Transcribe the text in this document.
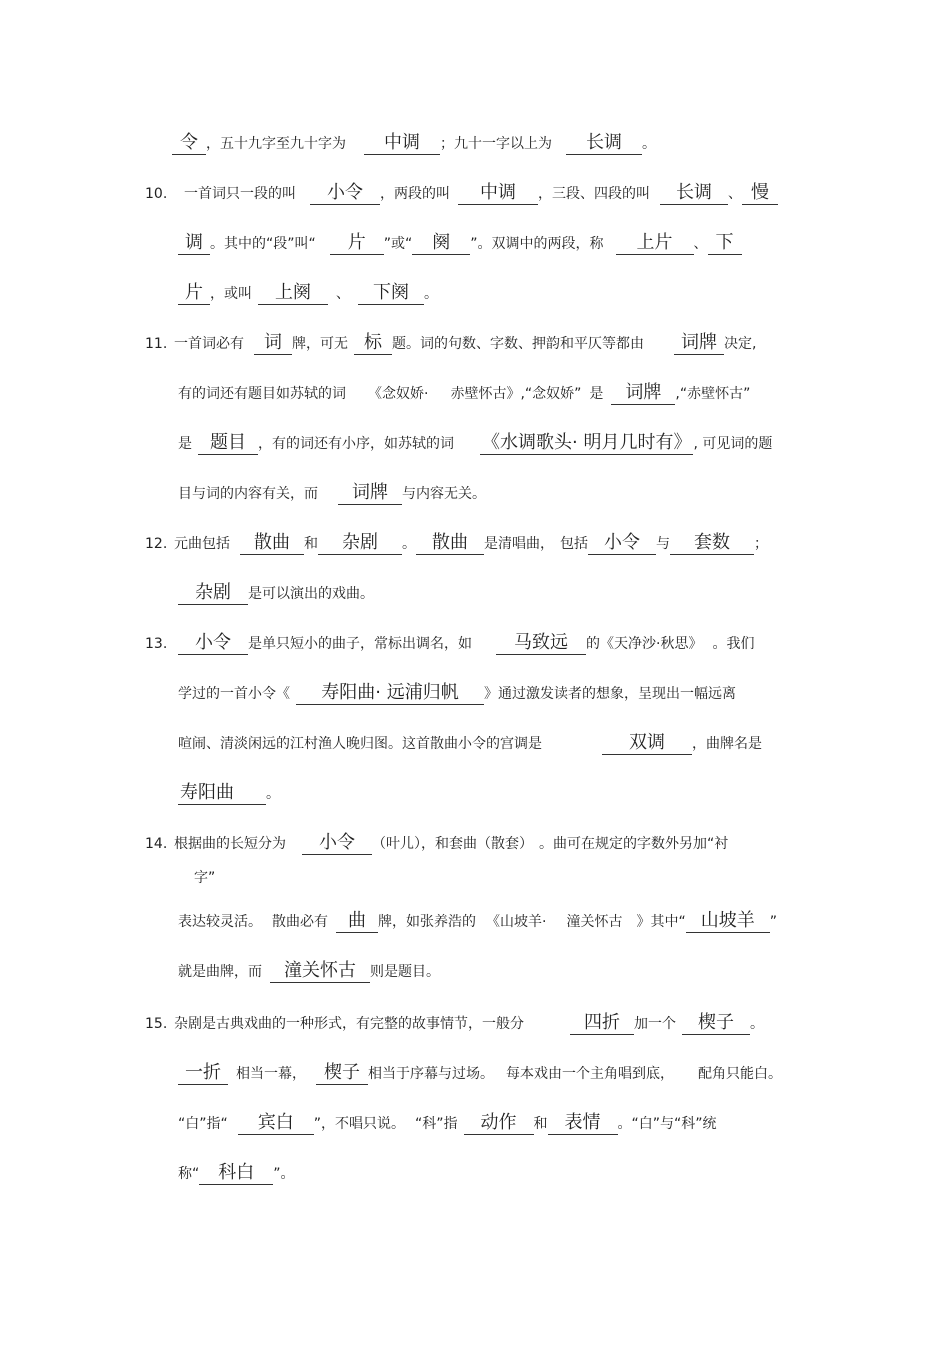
令 ，五十九字至九十字为 中调 ；九十一字以上为 长调 。
10. 一首词只一段的叫 小令 ，两段的叫 中调 ，三段、四段的叫 长调 、 慢
调 。其中的“段”叫“ 片 ”或“ 阕 ”。双调中的两段，称 上片 、 下
片 ，或叫 上阕 、 下阕 。
11. 一首词必有 词 牌，可无 标 题。词的句数、字数、押韵和平仄等都由 词牌 决定,
有的词还有题目如苏轼的词 《念奴娇· 赤壁怀古》,“念奴娇” 是 词牌 ,“赤壁怀古”
是 题目 ，有的词还有小序，如苏轼的词 《水调歌头· 明月几时有》 , 可见词的题
目与词的内容有关，而 词牌 与内容无关。
12. 元曲包括 散曲 和 杂剧 。 散曲 是清唱曲， 包括 小令 与 套数 ；
杂剧 是可以演出的戏曲。
13.	小令 是单只短小的曲子，常标出调名，如 马致远 的《天净沙·秋思》 。我们
学过的一首小令《 寿阳曲· 远浦归帆 》通过激发读者的想象，呈现出一幅远离
喧闹、清淡闲远的江村渔人晚归图。这首散曲小令的宫调是	双调 ，曲牌名是
寿阳曲 。
14. 根据曲的长短分为 小令 （叶儿），和套曲（散套） 。曲可在规定的字数外另加“衬
字”
表达较灵活。 散曲必有 曲 牌，如张养浩的 《山坡羊· 潼关怀古 》其中“ 山坡羊 ”
就是曲牌，而 潼关怀古 则是题目。
15. 杂剧是古典戏曲的一种形式，有完整的故事情节，一般分	四折 加一个 楔子 。
一折 相当一幕， 楔子 相当于序幕与过场。 每本戏由一个主角唱到底， 配角只能白。
“白”指“ 宾白 ”，不唱只说。 “科”指 动作 和 表情 。“白”与“科”统
称“ 科白 ”。
